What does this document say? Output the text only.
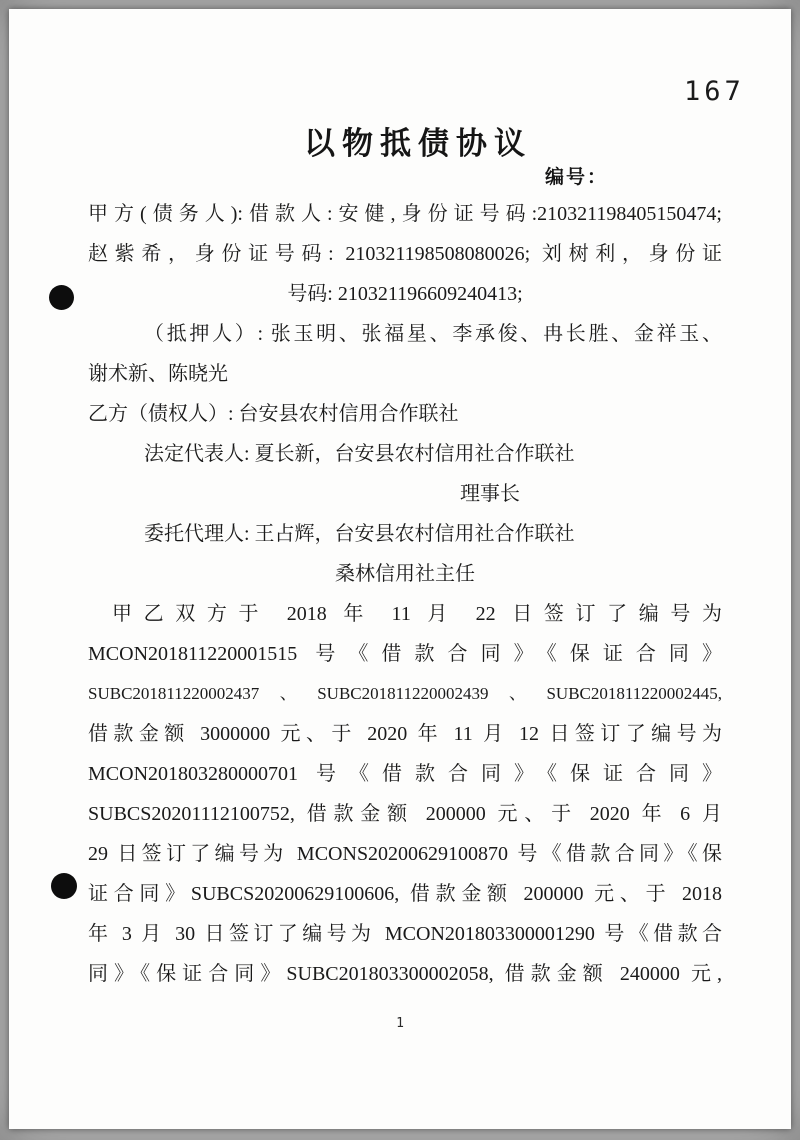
167
以物抵债协议
编号：
甲方(债务人):借款人:安健,身份证号码:210321198405150474;
赵紫希，身份证号码: 210321198508080026; 刘树利，身份证
号码: 210321196609240413;
（抵押人）: 张玉明、张福星、李承俊、冉长胜、金祥玉、
谢术新、陈晓光
乙方（债权人）: 台安县农村信用合作联社
法定代表人: 夏长新，台安县农村信用社合作联社
理事长
委托代理人: 王占辉，台安县农村信用社合作联社
桑林信用社主任
甲乙双方于 2018 年 11 月 22 日签订了编号为
MCON201811220001515 号《借款合同》《保证合同》
SUBC201811220002437、SUBC201811220002439、SUBC201811220002445,
借款金额 3000000 元、于 2020 年 11 月 12 日签订了编号为
MCON201803280000701 号《借款合同》《保证合同》
SUBCS20201112100752, 借款金额 200000 元、于 2020 年 6 月
29 日签订了编号为 MCONS20200629100870 号《借款合同》《保
证合同》SUBCS20200629100606, 借款金额 200000 元、于 2018
年 3 月 30 日签订了编号为 MCON201803300001290 号《借款合
同》《保证合同》SUBC201803300002058, 借款金额 240000 元,
1
